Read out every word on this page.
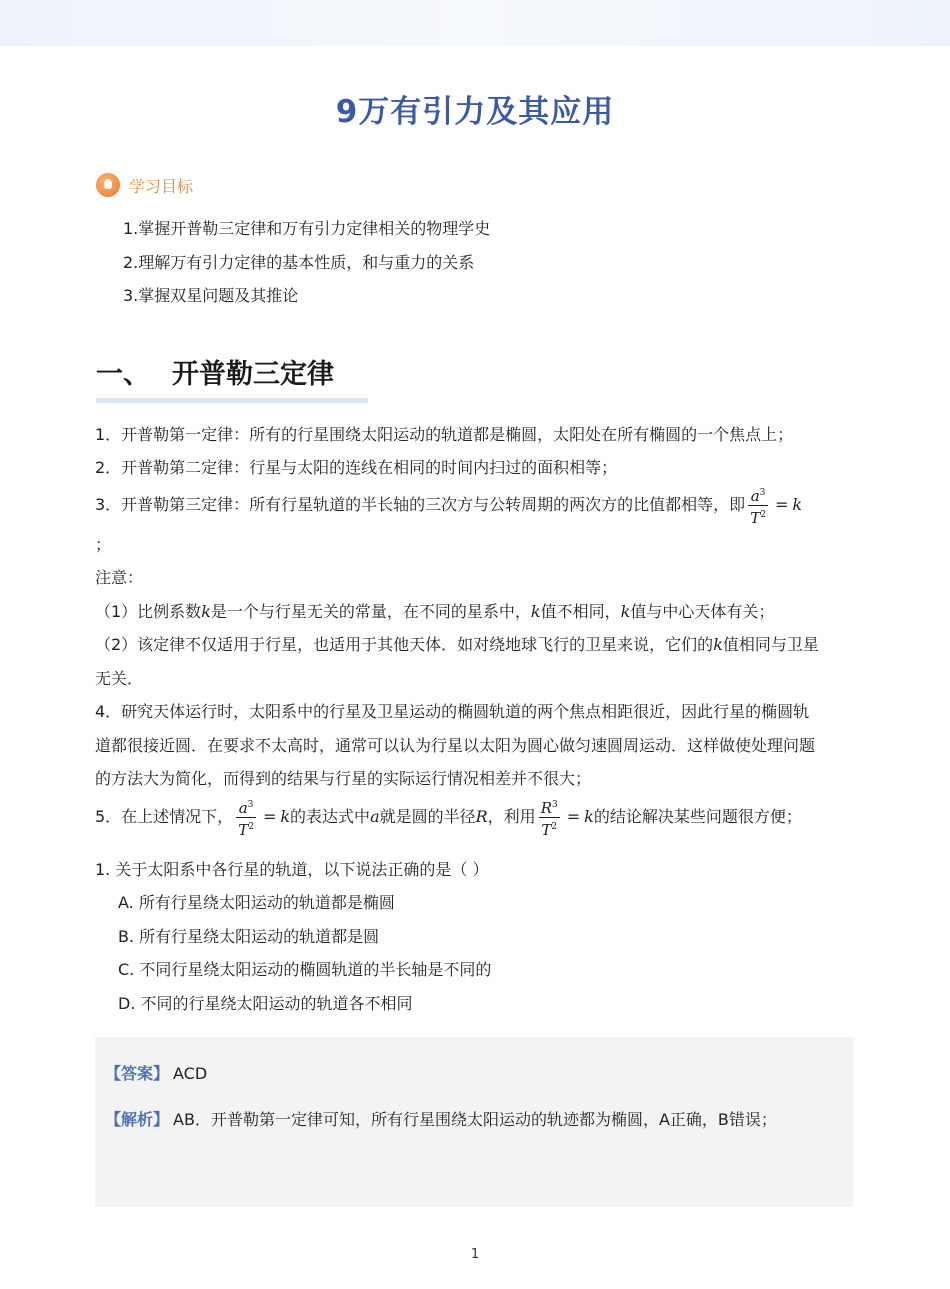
9万有引力及其应用
学习目标
1.掌握开普勒三定律和万有引力定律相关的物理学史
2.理解万有引力定律的基本性质，和与重力的关系
3.掌握双星问题及其推论
一、 开普勒三定律
1．开普勒第一定律：所有的行星围绕太阳运动的轨道都是椭圆，太阳处在所有椭圆的一个焦点上；
2．开普勒第二定律：行星与太阳的连线在相同的时间内扫过的面积相等；
3．开普勒第三定律：所有行星轨道的半长轴的三次方与公转周期的两次方的比值都相等，即 $\frac{a^3}{T^2} = k$
；
注意：
（1）比例系数k是一个与行星无关的常量，在不同的星系中，k值不相同，k值与中心天体有关；
（2）该定律不仅适用于行星，也适用于其他天体．如对绕地球飞行的卫星来说，它们的k值相同与卫星
无关．
4．研究天体运行时，太阳系中的行星及卫星运动的椭圆轨道的两个焦点相距很近，因此行星的椭圆轨
道都很接近圆．在要求不太高时，通常可以认为行星以太阳为圆心做匀速圆周运动．这样做使处理问题
的方法大为简化，而得到的结果与行星的实际运行情况相差并不很大；
5．在上述情况下， $\frac{a^3}{T^2} = k$的表达式中a就是圆的半径R，利用 $\frac{R^3}{T^2} = k$的结论解决某些问题很方便；
1. 关于太阳系中各行星的轨道，以下说法正确的是（ ）
A. 所有行星绕太阳运动的轨道都是椭圆
B. 所有行星绕太阳运动的轨道都是圆
C. 不同行星绕太阳运动的椭圆轨道的半长轴是不同的
D. 不同的行星绕太阳运动的轨道各不相同
【答案】 ACD
【解析】 AB．开普勒第一定律可知，所有行星围绕太阳运动的轨迹都为椭圆，A正确，B错误；
1
